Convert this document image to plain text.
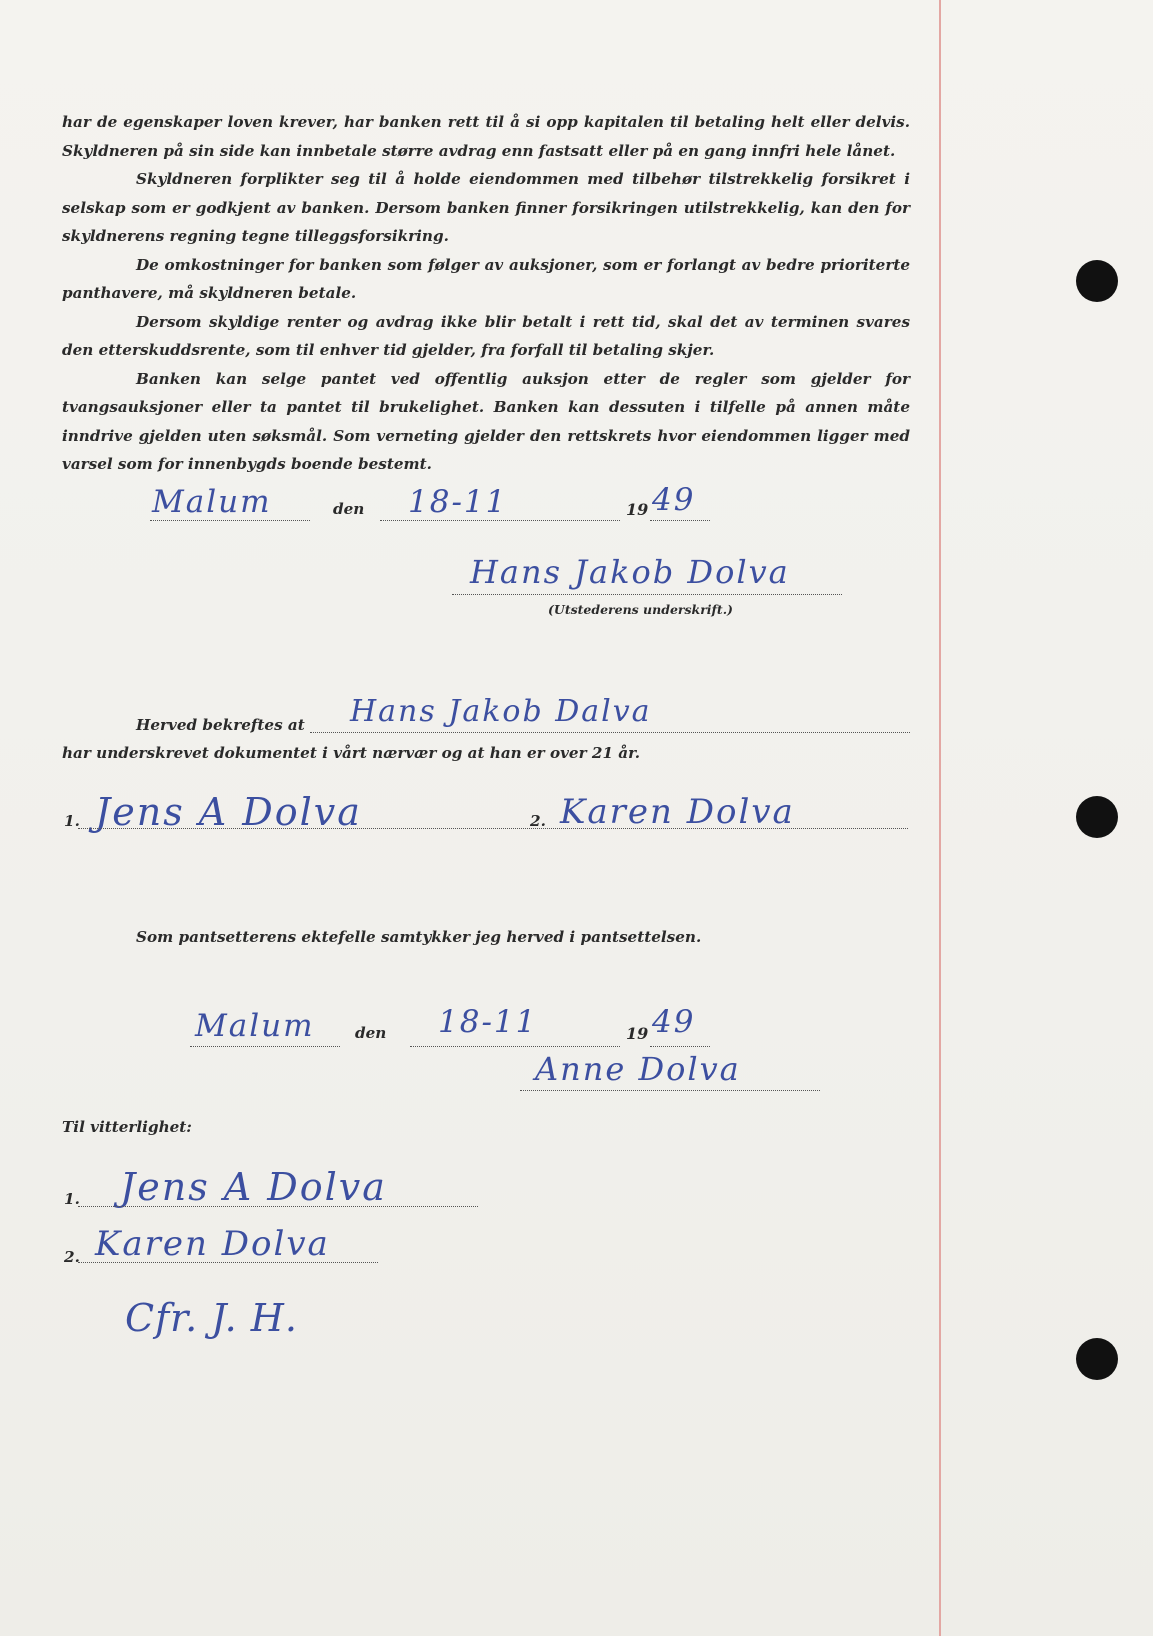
har de egenskaper loven krever, har banken rett til å si opp kapitalen til betaling helt eller delvis. Skyldneren på sin side kan innbetale større avdrag enn fastsatt eller på en gang innfri hele lånet.

Skyldneren forplikter seg til å holde eiendommen med tilbehør tilstrekkelig forsikret i selskap som er godkjent av banken. Dersom banken finner forsikringen utilstrekkelig, kan den for skyldnerens regning tegne tilleggsforsikring.

De omkostninger for banken som følger av auksjoner, som er forlangt av bedre prioriterte panthavere, må skyldneren betale.

Dersom skyldige renter og avdrag ikke blir betalt i rett tid, skal det av terminen svares den etterskuddsrente, som til enhver tid gjelder, fra forfall til betaling skjer.

Banken kan selge pantet ved offentlig auksjon etter de regler som gjelder for tvangsauksjoner eller ta pantet til brukelighet. Banken kan dessuten i tilfelle på annen måte inndrive gjelden uten søksmål. Som verneting gjelder den rettskrets hvor eiendommen ligger med varsel som for innenbygds boende bestemt.

Malum	den 18-11	19 49
Hans Jakob Dolva
(Utstederens underskrift.)
Herved bekreftes at Hans Jakob Dalva
har underskrevet dokumentet i vårt nærvær og at han er over 21 år.
1. Jens A Dolva	2. Karen Dolva
Som pantsetterens ektefelle samtykker jeg herved i pantsettelsen.
Malum	den 18-11	19 49
Anne Dolva
Til vitterlighet:
1. Jens A Dolva
2. Karen Dolva
Cfr. J. H.
